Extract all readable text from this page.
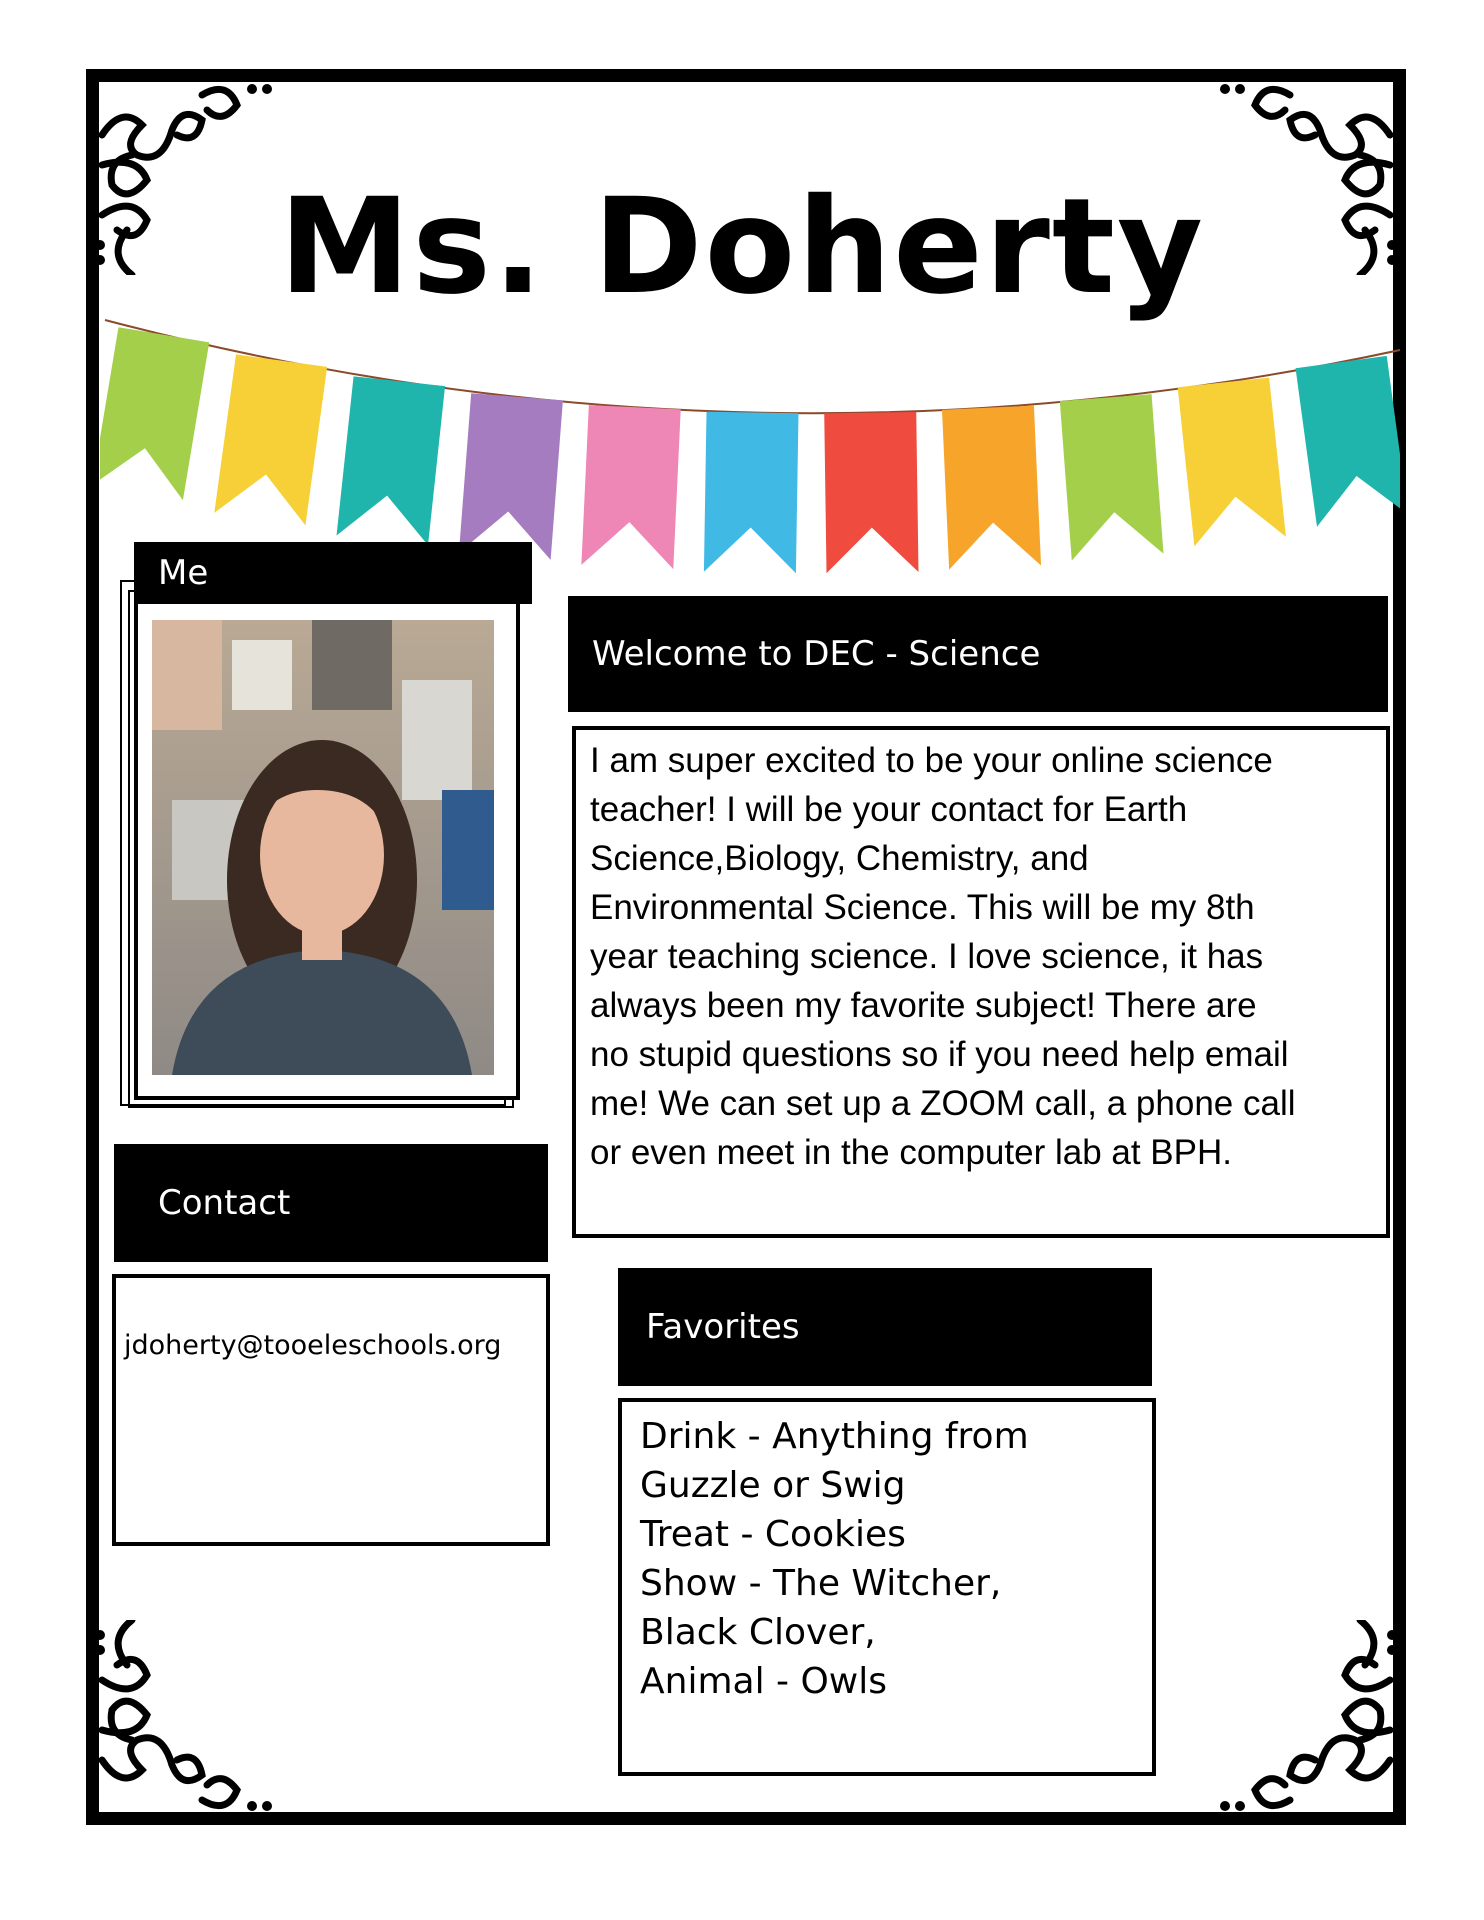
Ms. Doherty
Me
Welcome to DEC - Science
I am super excited to be your online science
teacher! I will be your contact for Earth
Science,Biology, Chemistry, and
Environmental Science. This will be my 8th
year teaching science. I love science, it has
always been my favorite subject! There are
no stupid questions so if you need help email
me! We can set up a ZOOM call, a phone call
or even meet in the computer lab at BPH.
Contact
jdoherty@tooeleschools.org	Favorites
Drink - Anything from
Guzzle or Swig
Treat - Cookies
Show - The Witcher,
Black Clover,
Animal - Owls
